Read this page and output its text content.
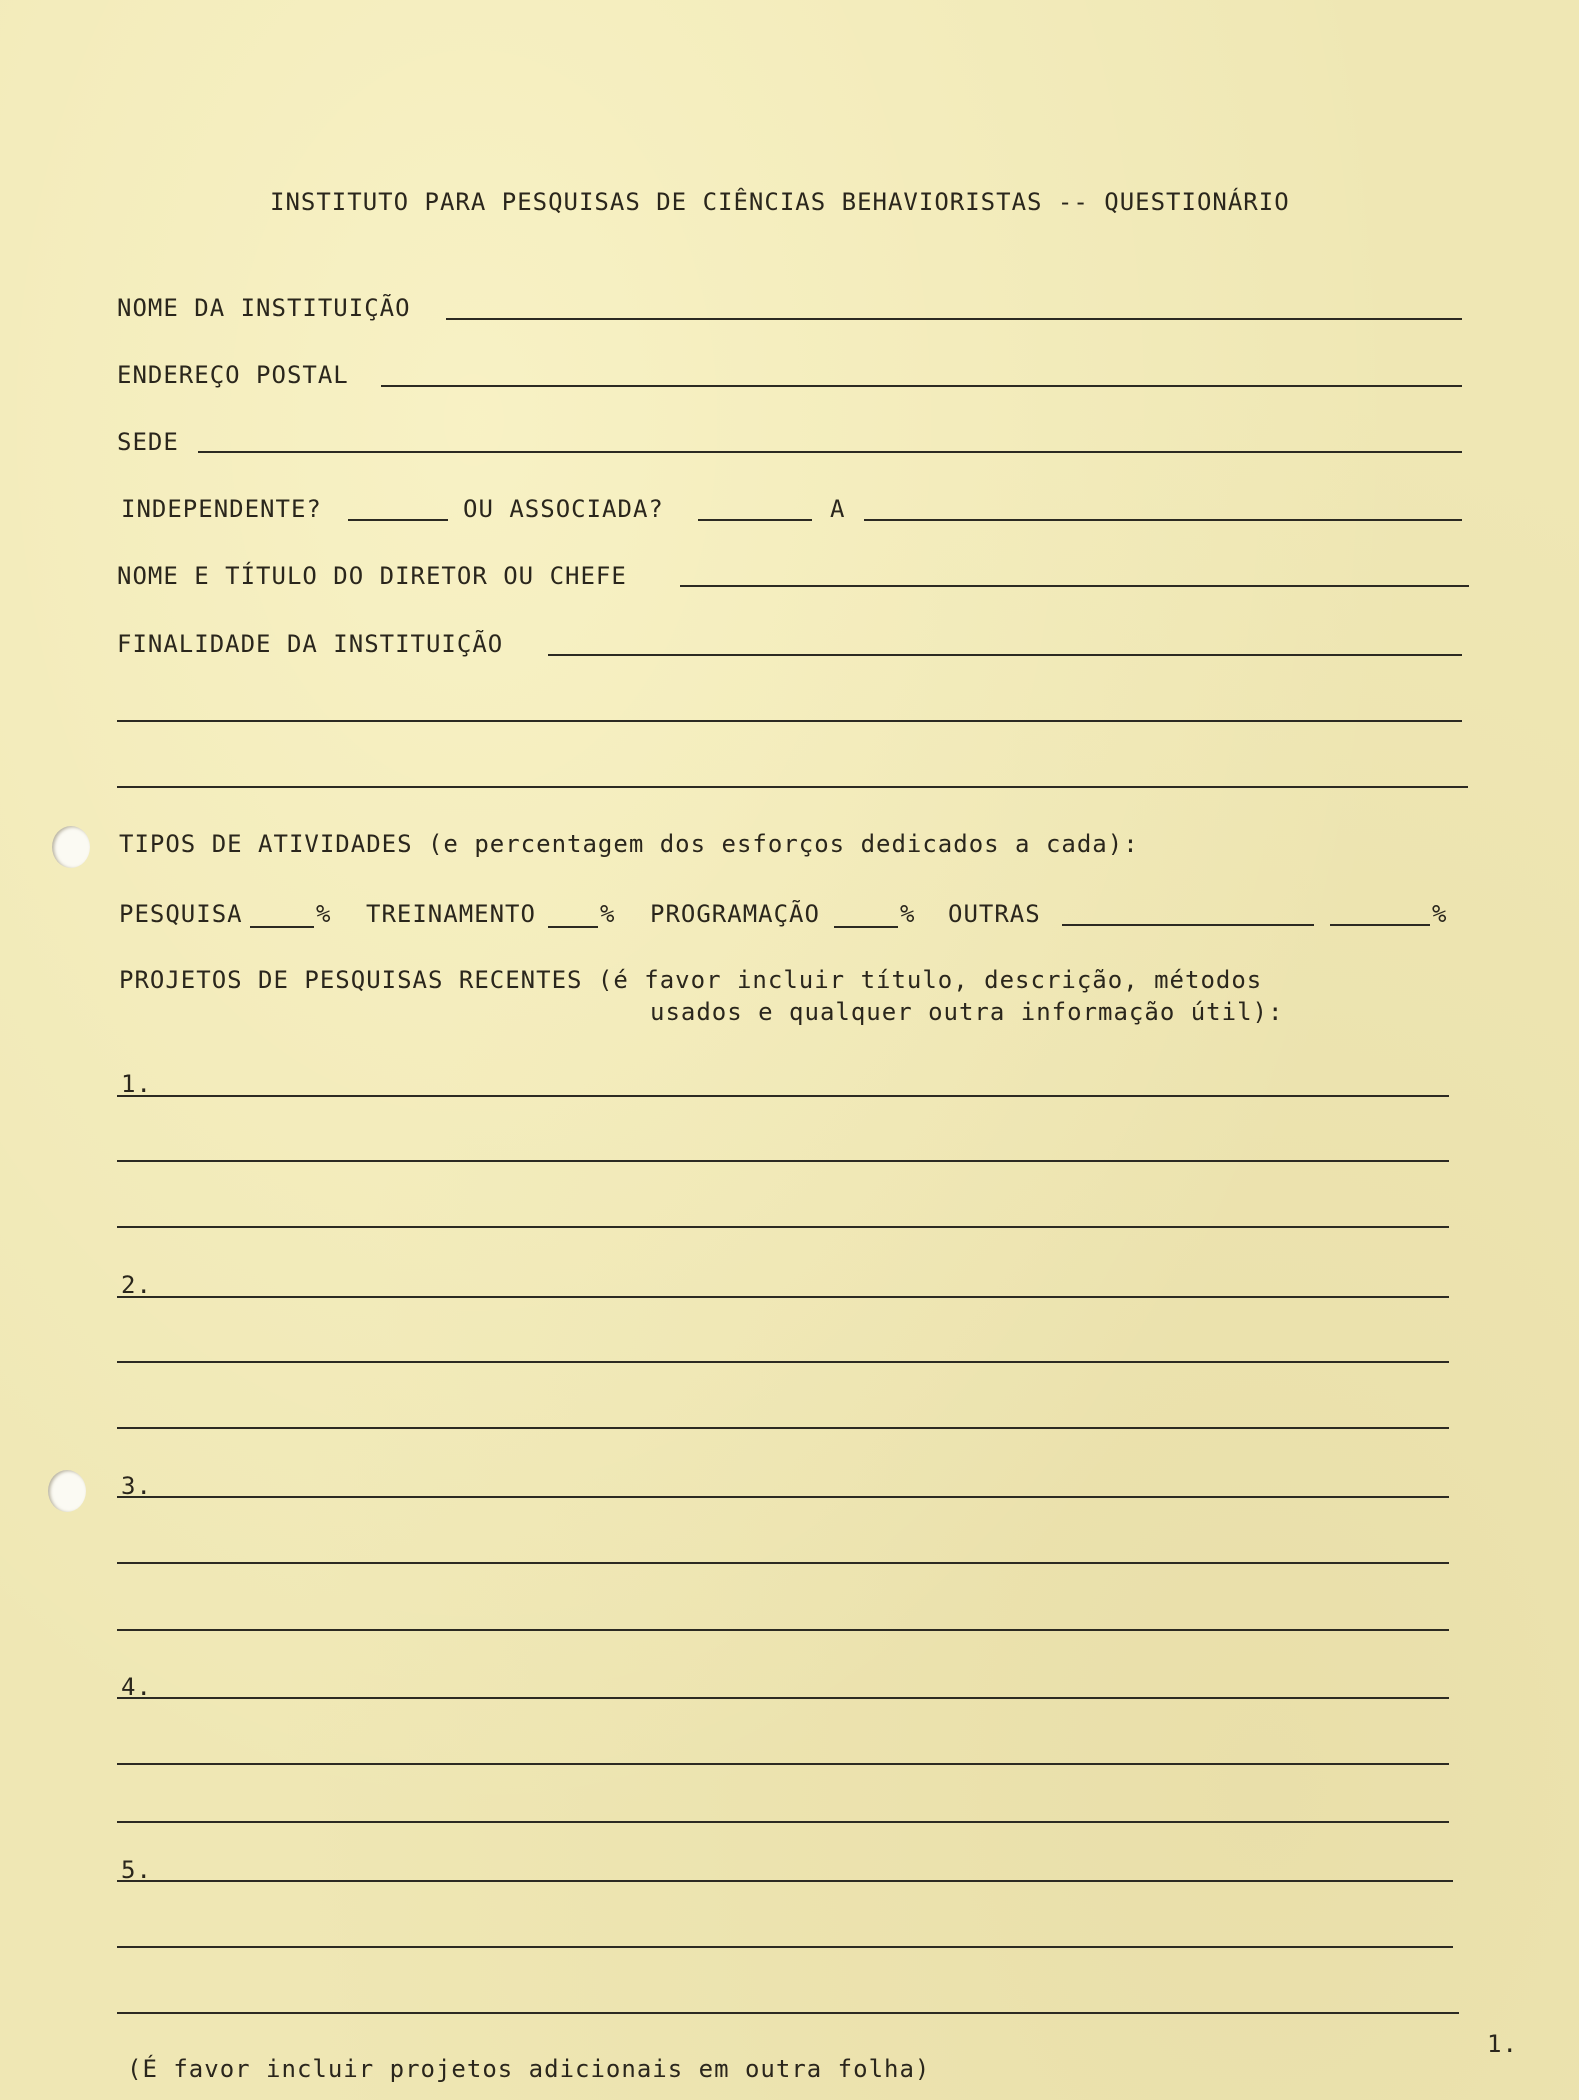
INSTITUTO PARA PESQUISAS DE CIÊNCIAS BEHAVIORISTAS -- QUESTIONÁRIO
NOME DA INSTITUIÇÃO
ENDEREÇO POSTAL
SEDE
INDEPENDENTE?	OU ASSOCIADA?	A
NOME E TÍTULO DO DIRETOR OU CHEFE
FINALIDADE DA INSTITUIÇÃO
TIPOS DE ATIVIDADES (e percentagem dos esforços dedicados a cada):
PESQUISA	% TREINAMENTO	% PROGRAMAÇÃO	% OUTRAS	%
PROJETOS DE PESQUISAS RECENTES (é favor incluir título, descrição, métodos
usados e qualquer outra informação útil):
1.
2.
3.
4.
5.
(É favor incluir projetos adicionais em outra folha)
1.
